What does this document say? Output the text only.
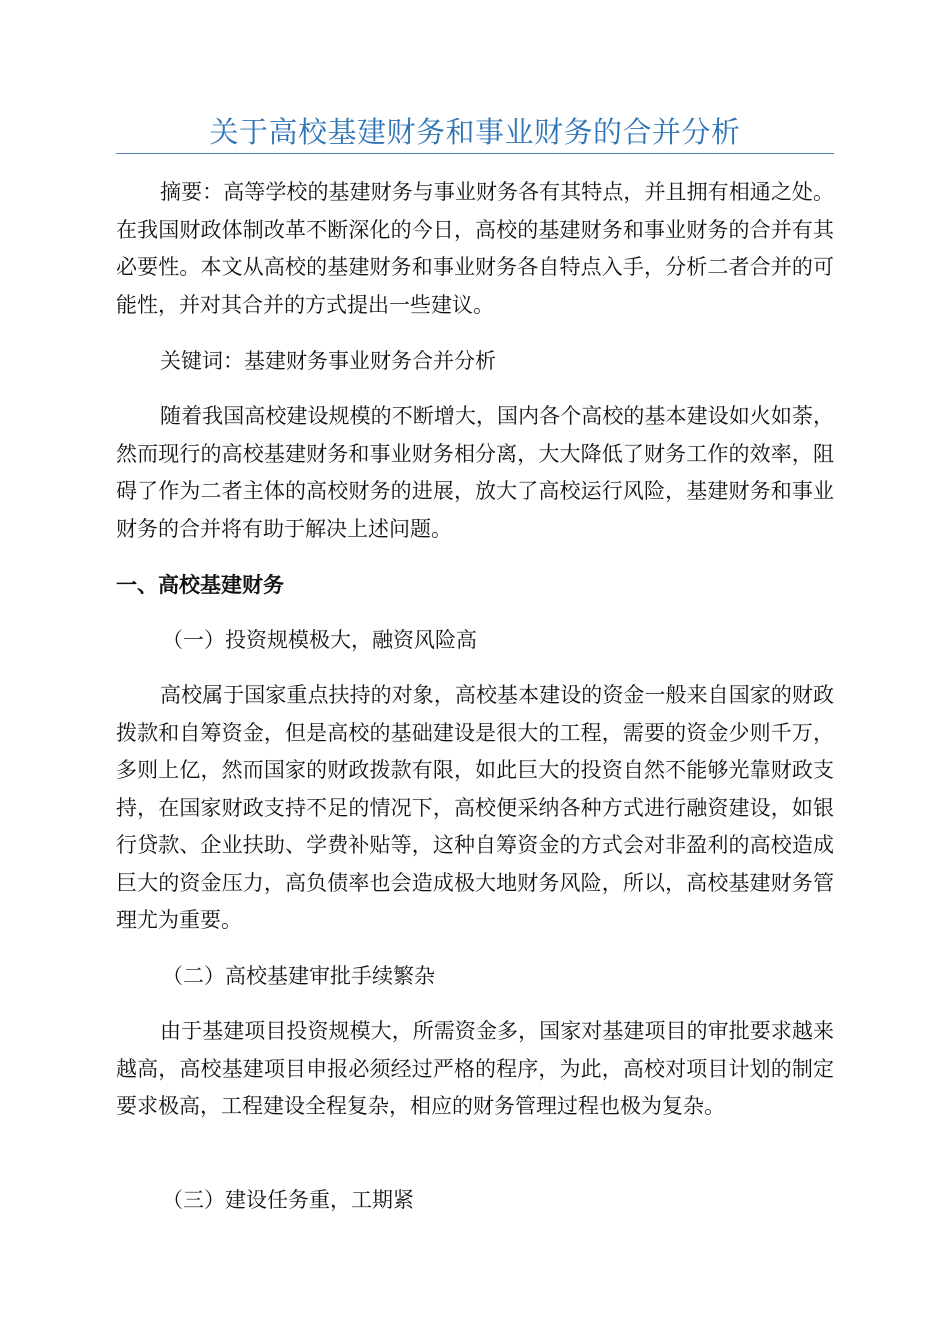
关于高校基建财务和事业财务的合并分析

摘要：高等学校的基建财务与事业财务各有其特点，并且拥有相通之处。在我国财政体制改革不断深化的今日，高校的基建财务和事业财务的合并有其必要性。本文从高校的基建财务和事业财务各自特点入手，分析二者合并的可能性，并对其合并的方式提出一些建议。

关键词：基建财务事业财务合并分析

随着我国高校建设规模的不断增大，国内各个高校的基本建设如火如荼，然而现行的高校基建财务和事业财务相分离，大大降低了财务工作的效率，阻碍了作为二者主体的高校财务的进展，放大了高校运行风险，基建财务和事业财务的合并将有助于解决上述问题。

一、高校基建财务

（一）投资规模极大，融资风险高

高校属于国家重点扶持的对象，高校基本建设的资金一般来自国家的财政拨款和自筹资金，但是高校的基础建设是很大的工程，需要的资金少则千万，多则上亿，然而国家的财政拨款有限，如此巨大的投资自然不能够光靠财政支持，在国家财政支持不足的情况下，高校便采纳各种方式进行融资建设，如银行贷款、企业扶助、学费补贴等，这种自筹资金的方式会对非盈利的高校造成巨大的资金压力，高负债率也会造成极大地财务风险，所以，高校基建财务管理尤为重要。

（二）高校基建审批手续繁杂

由于基建项目投资规模大，所需资金多，国家对基建项目的审批要求越来越高，高校基建项目申报必须经过严格的程序，为此，高校对项目计划的制定要求极高，工程建设全程复杂，相应的财务管理过程也极为复杂。

（三）建设任务重，工期紧
